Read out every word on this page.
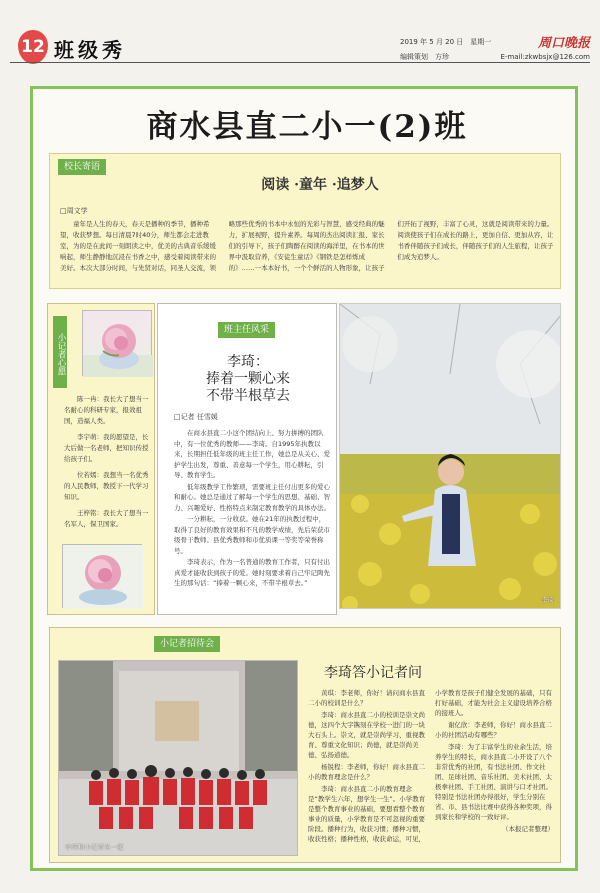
12 班级秀	2019 年 5 月 20 日　星期一	周口晚报
编辑策划　方珍	E-mail:zkwbsjx@126.com
商水县直二小一(2)班
校长寄语
阅读 ·童年 ·追梦人
□周文学
童年是人生的春天，春天是播种的季节，播种希望，收获梦想。每日清晨7时40分，师生都会走进教室，为的是在此间一刻朗读之中，优美的古典音乐缓缓响起，师生静静地沉浸在书香之中，感受着阅读带来的美好。本次大部分时间，与先贤对话，同圣人交流，领略那些优秀的书本中永恒的光彩与智慧，感受经典的魅力，扩展视野，提升素养。每周的杰出阅读汇报、家长们的引导下，孩子们陶醉在阅读的海洋里，在书本的世界中汲取营养，《安徒生童话》《钢铁是怎样炼成的》……一本本好书，一个个鲜活的人物形象，让孩子们开拓了视野，丰富了心灵，这就是阅读带来的力量。阅读使孩子们在成长的路上，更加自信、更加从容，让书香伴随孩子们成长，伴随孩子们的人生旅程，让孩子们成为追梦人。
小记者心愿
陈一冉：我长大了想当一名耐心的科研专家，报效祖国，造福人类。
李宇萌：我的愿望是，长大后做一名老师，把知识传授给孩子们。
位若嫣：我想当一名优秀的人民教师，教授下一代学习知识。
王梓铭：我长大了想当一名军人，保卫国家。
班主任风采
李琦：
捧着一颗心来
不带半根草去
□记者 任雪媛

在商水县直二小这个团结向上、努力拼搏的团队中，有一位优秀的教师——李琦。自1995年执教以来，长期担任低年级的班主任工作，她总是从关心、爱护学生出发，尊重、善意每一个学生，用心耕耘，引导、教育学生。

低年级教学工作繁琐，需要班主任付出更多的爱心和耐心。她总是通过了解每一个学生的思想、基础、智力、兴趣爱好、性格特点来制定教育教学的具体办法。

一分耕耘，一分收获。她在21年的执教过程中，取得了良好的教育效果和不凡的教学成绩，先后荣获市级骨干教师、县优秀教师和市优质课一等奖等荣誉称号。

李琦表示，作为一名普通的教育工作者，只有付出真爱才能收获到孩子的爱。她时刻要求着自己牢记陶先生的那句话：“捧着一颗心来，不带半根草去。”

李琦
小记者招待会
李琦和小记者在一起
李琦答小记者问

黄琪：李老师，你好！请问商水县直二小的校训是什么？

李琦：商水县直二小的校训是崇文尚德，这四个大字镌刻在学校一进门的一块大石头上。崇文，就是崇尚学习、重视教育、尊重文化知识；尚德，就是崇尚美德、弘扬道德。

杨锐程：李老师，你好！商水县直二小的教育理念是什么？

李琦：商水县直二小的教育理念是“教学生六年，想学生一生”。小学教育是整个教育事业的基础，要想看整个教育事业的质量，小学教育是不可忽视的重要阶段。播种行为，收获习惯；播种习惯，收获性格；播种性格，收获命运，可见，小学教育是孩子们健全发展的基础，只有打好基础，才能为社会主义建设培养合格的接班人。

谢亿欣：李老师，你好！商水县直二小的社团活动有哪些？

李琦：为了丰富学生的业余生活，培养学生的特长，商水县直二小开设了八个非常优秀的社团，有书法社团、作文社团、足球社团、音乐社团、美术社团、太极拳社团、手工社团、演讲与口才社团。特别是书法社团办得很好，学生分别在省、市、县书法比赛中获得各种奖项，得到家长和学校的一致好评。

（本报记者整理）
